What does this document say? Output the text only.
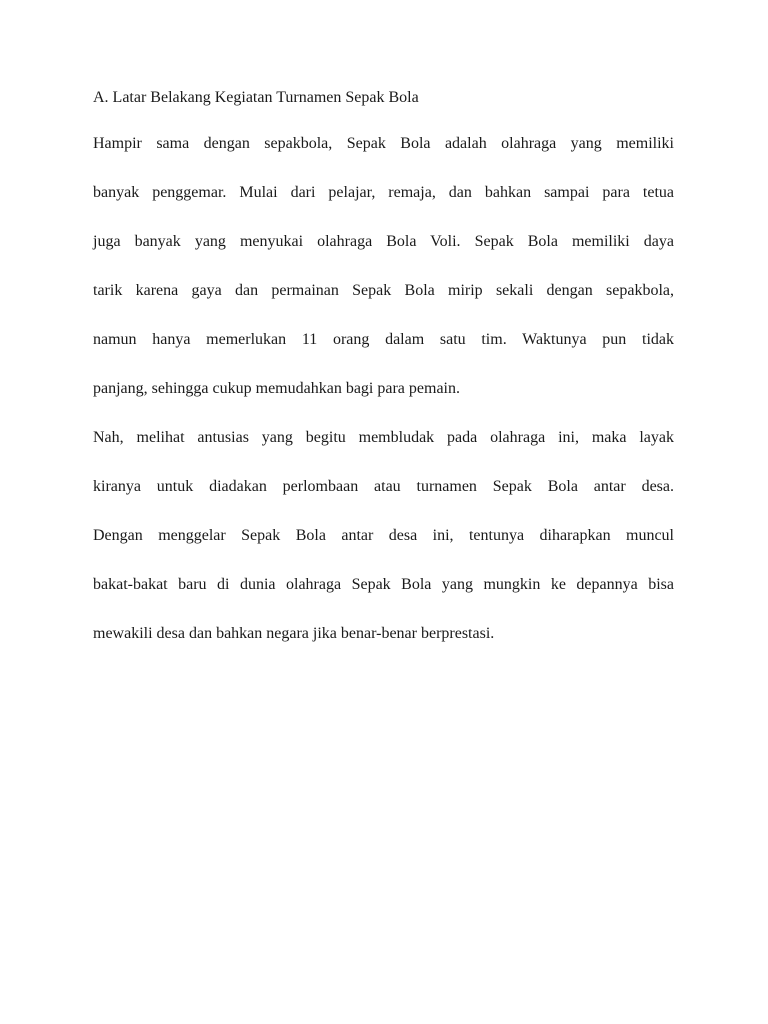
A. Latar Belakang Kegiatan Turnamen Sepak Bola
Hampir sama dengan sepakbola, Sepak Bola adalah olahraga yang memiliki
banyak penggemar. Mulai dari pelajar, remaja, dan bahkan sampai para tetua
juga banyak yang menyukai olahraga Bola Voli. Sepak Bola memiliki daya
tarik karena gaya dan permainan Sepak Bola mirip sekali dengan sepakbola,
namun hanya memerlukan 11 orang dalam satu tim. Waktunya pun tidak
panjang, sehingga cukup memudahkan bagi para pemain.
Nah, melihat antusias yang begitu membludak pada olahraga ini, maka layak
kiranya untuk diadakan perlombaan atau turnamen Sepak Bola antar desa.
Dengan menggelar Sepak Bola antar desa ini, tentunya diharapkan muncul
bakat-bakat baru di dunia olahraga Sepak Bola yang mungkin ke depannya bisa
mewakili desa dan bahkan negara jika benar-benar berprestasi.
